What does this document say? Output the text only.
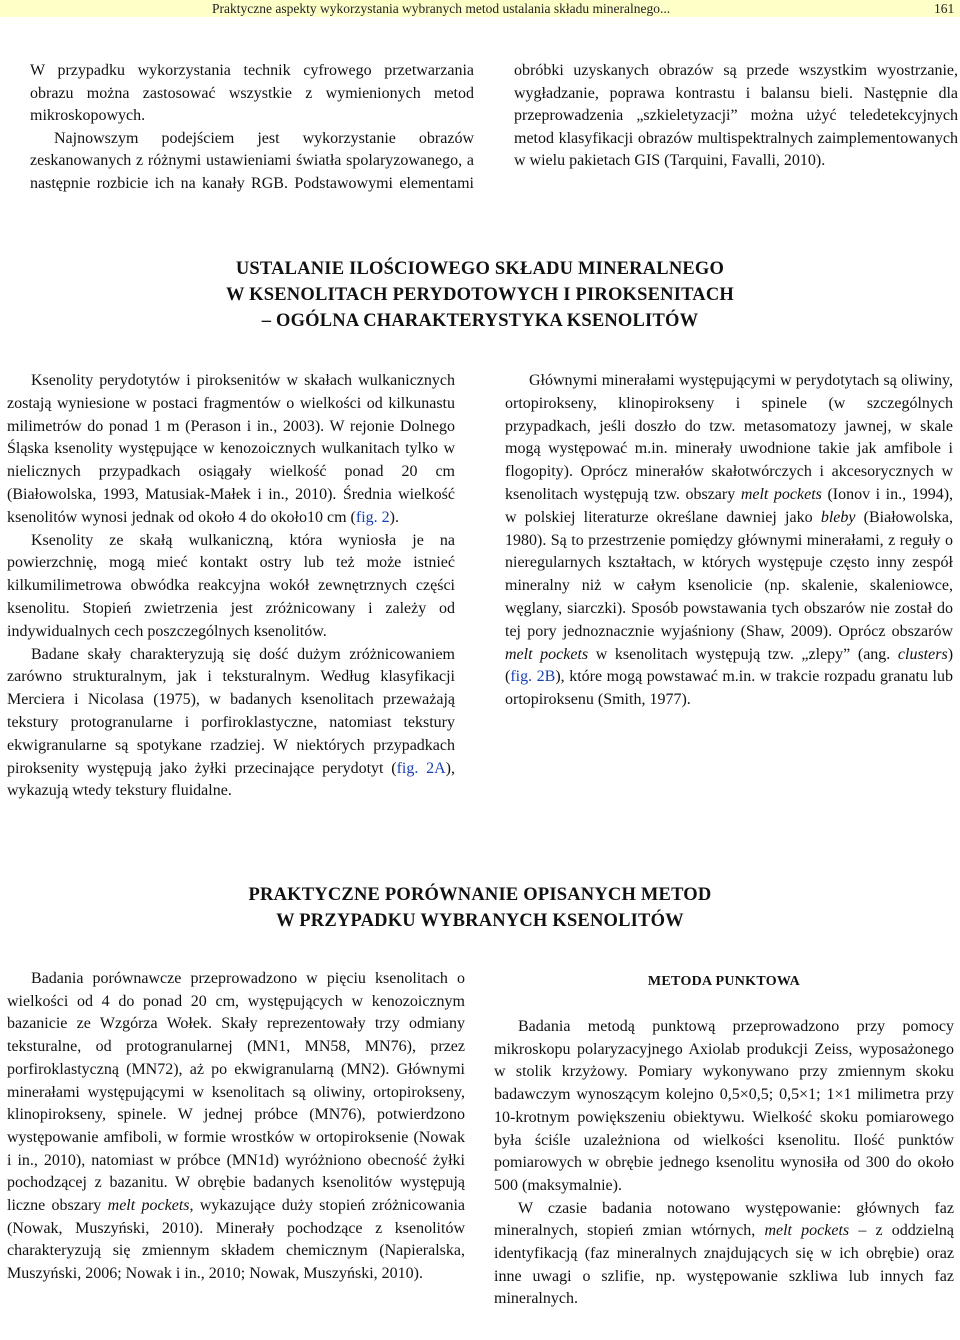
Praktyczne aspekty wykorzystania wybranych metod ustalania składu mineralnego...	161

W przypadku wykorzystania technik cyfrowego przetwarzania obrazu można zastosować wszystkie z wymienionych metod mikroskopowych.

Najnowszym podejściem jest wykorzystanie obrazów zeskanowanych z różnymi ustawieniami światła spolaryzowanego, a następnie rozbicie ich na kanały RGB. Podstawowymi elementami obróbki uzyskanych obrazów są przede wszystkim wyostrzanie, wygładzanie, poprawa kontrastu i balansu bieli. Następnie dla przeprowadzenia „szkieletyzacji” można użyć teledetekcyjnych metod klasyfikacji obrazów multispektralnych zaimplementowanych w wielu pakietach GIS (Tarquini, Favalli, 2010).

USTALANIE ILOŚCIOWEGO SKŁADU MINERALNEGO
W KSENOLITACH PERYDOTOWYCH I PIROKSENITACH
– OGÓLNA CHARAKTERYSTYKA KSENOLITÓW

Ksenolity perydotytów i piroksenitów w skałach wulkanicznych zostają wyniesione w postaci fragmentów o wielkości od kilkunastu milimetrów do ponad 1 m (Perason i in., 2003). W rejonie Dolnego Śląska ksenolity występujące w kenozoicznych wulkanitach tylko w nielicznych przypadkach osiągały wielkość ponad 20 cm (Białowolska, 1993, Matusiak-Małek i in., 2010). Średnia wielkość ksenolitów wynosi jednak od około 4 do około10 cm (fig. 2).

Ksenolity ze skałą wulkaniczną, która wyniosła je na powierzchnię, mogą mieć kontakt ostry lub też może istnieć kilkumilimetrowa obwódka reakcyjna wokół zewnętrznych części ksenolitu. Stopień zwietrzenia jest zróżnicowany i zależy od indywidualnych cech poszczególnych ksenolitów.

Badane skały charakteryzują się dość dużym zróżnicowaniem zarówno strukturalnym, jak i teksturalnym. Według klasyfikacji Merciera i Nicolasa (1975), w badanych ksenolitach przeważają tekstury protogranularne i porfiroklastyczne, natomiast tekstury ekwigranularne są spotykane rzadziej. W niektórych przypadkach piroksenity występują jako żyłki przecinające perydotyt (fig. 2A), wykazują wtedy tekstury fluidalne.

Głównymi minerałami występującymi w perydotytach są oliwiny, ortopirokseny, klinopirokseny i spinele (w szczególnych przypadkach, jeśli doszło do tzw. metasomatozy jawnej, w skale mogą występować m.in. minerały uwodnione takie jak amfibole i flogopity). Oprócz minerałów skałotwórczych i akcesorycznych w ksenolitach występują tzw. obszary melt pockets (Ionov i in., 1994), w polskiej literaturze określane dawniej jako bleby (Białowolska, 1980). Są to przestrzenie pomiędzy głównymi minerałami, z reguły o nieregularnych kształtach, w których występuje często inny zespół mineralny niż w całym ksenolicie (np. skalenie, skaleniowce, węglany, siarczki). Sposób powstawania tych obszarów nie został do tej pory jednoznacznie wyjaśniony (Shaw, 2009). Oprócz obszarów melt pockets w ksenolitach występują tzw. „zlepy” (ang. clusters) (fig. 2B), które mogą powstawać m.in. w trakcie rozpadu granatu lub ortopiroksenu (Smith, 1977).

PRAKTYCZNE PORÓWNANIE OPISANYCH METOD
W PRZYPADKU WYBRANYCH KSENOLITÓW

Badania porównawcze przeprowadzono w pięciu ksenolitach o wielkości od 4 do ponad 20 cm, występujących w kenozoicznym bazanicie ze Wzgórza Wołek. Skały reprezentowały trzy odmiany teksturalne, od protogranularnej (MN1, MN58, MN76), przez porfiroklastyczną (MN72), aż po ekwigranularną (MN2). Głównymi minerałami występującymi w ksenolitach są oliwiny, ortopirokseny, klinopirokseny, spinele. W jednej próbce (MN76), potwierdzono występowanie amfiboli, w formie wrostków w ortopiroksenie (Nowak i in., 2010), natomiast w próbce (MN1d) wyróżniono obecność żyłki pochodzącej z bazanitu. W obrębie badanych ksenolitów występują liczne obszary melt pockets, wykazujące duży stopień zróżnicowania (Nowak, Muszyński, 2010). Minerały pochodzące z ksenolitów charakteryzują się zmiennym składem chemicznym (Napieralska, Muszyński, 2006; Nowak i in., 2010; Nowak, Muszyński, 2010).

METODA PUNKTOWA

Badania metodą punktową przeprowadzono przy pomocy mikroskopu polaryzacyjnego Axiolab produkcji Zeiss, wyposażonego w stolik krzyżowy. Pomiary wykonywano przy zmiennym skoku badawczym wynoszącym kolejno 0,5×0,5; 0,5×1; 1×1 milimetra przy 10-krotnym powiększeniu obiektywu. Wielkość skoku pomiarowego była ściśle uzależniona od wielkości ksenolitu. Ilość punktów pomiarowych w obrębie jednego ksenolitu wynosiła od 300 do około 500 (maksymalnie).

W czasie badania notowano występowanie: głównych faz mineralnych, stopień zmian wtórnych, melt pockets – z oddzielną identyfikacją (faz mineralnych znajdujących się w ich obrębie) oraz inne uwagi o szlifie, np. występowanie szkliwa lub innych faz mineralnych.
